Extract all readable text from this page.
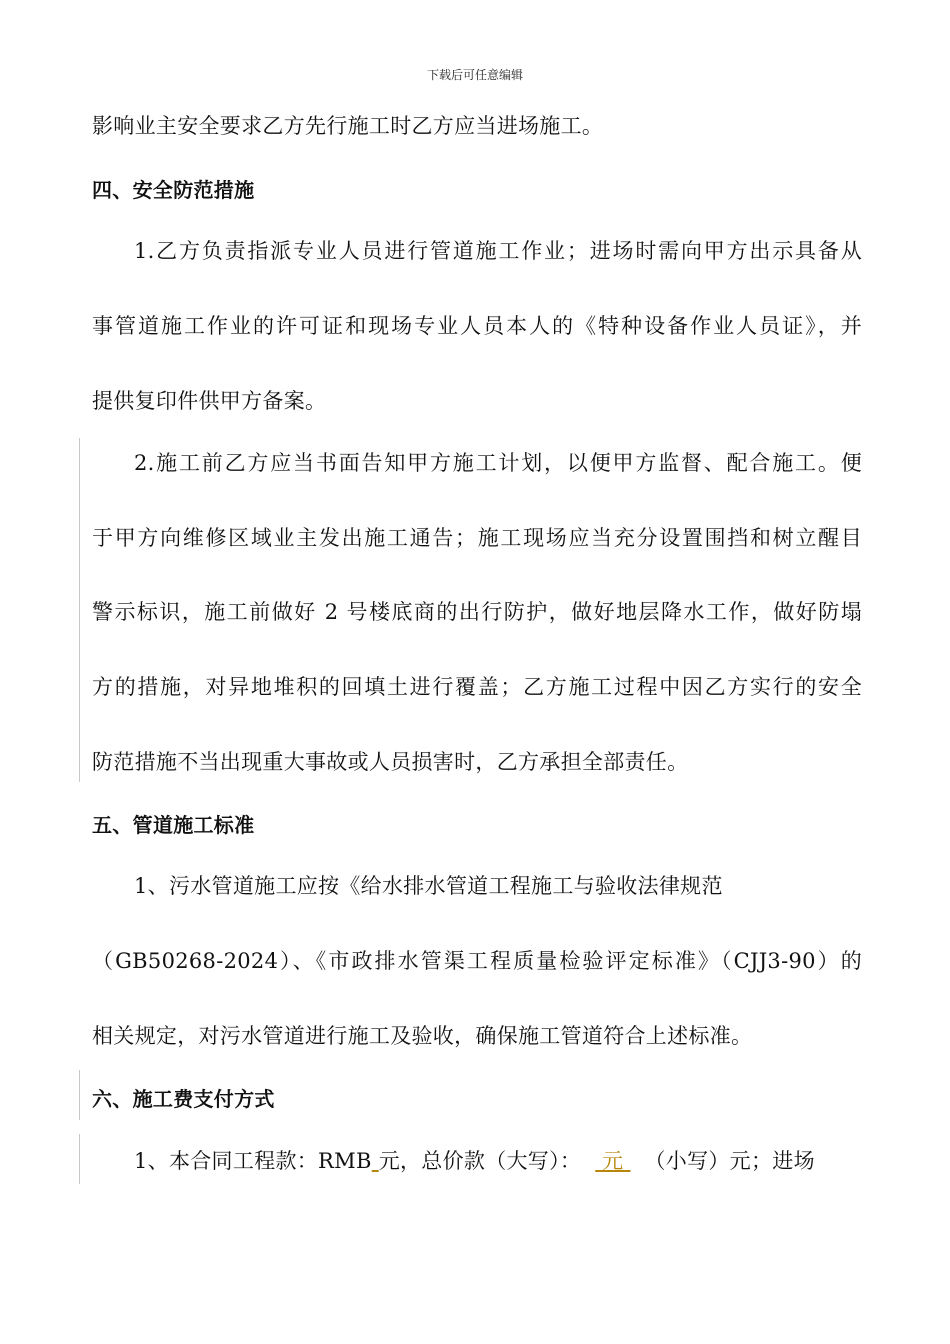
下载后可任意编辑
影响业主安全要求乙方先行施工时乙方应当进场施工。
四、安全防范措施
1.乙方负责指派专业人员进行管道施工作业；进场时需向甲方出示具备从
事管道施工作业的许可证和现场专业人员本人的《特种设备作业人员证》，并
提供复印件供甲方备案。
2.施工前乙方应当书面告知甲方施工计划，以便甲方监督、配合施工。便
于甲方向维修区域业主发出施工通告；施工现场应当充分设置围挡和树立醒目
警示标识，施工前做好 2 号楼底商的出行防护，做好地层降水工作，做好防塌
方的措施，对异地堆积的回填土进行覆盖；乙方施工过程中因乙方实行的安全
防范措施不当出现重大事故或人员损害时，乙方承担全部责任。
五、管道施工标准
1、污水管道施工应按《给水排水管道工程施工与验收法律规范
（GB50268-2024）、《市政排水管渠工程质量检验评定标准》（CJJ3-90）的
相关规定，对污水管道进行施工及验收，确保施工管道符合上述标准。
六、施工费支付方式
1、本合同工程款：RMB 元，总价款（大写）： 元 （小写）元；进场
